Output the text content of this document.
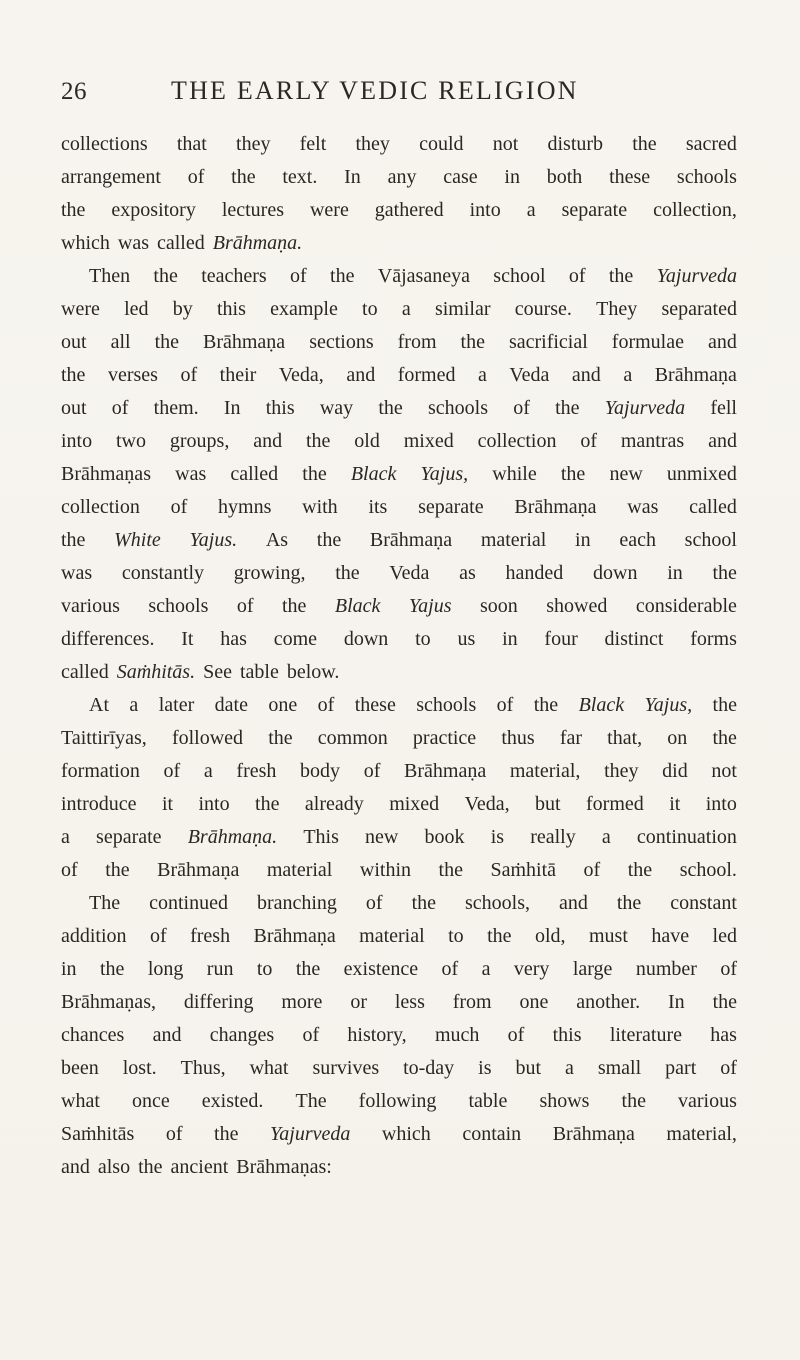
26	THE EARLY VEDIC RELIGION
collections that they felt they could not disturb the sacred
arrangement of the text. In any case in both these schools
the expository lectures were gathered into a separate collection,
which was called Brāhmaṇa.
Then the teachers of the Vājasaneya school of the Yajurveda
were led by this example to a similar course. They separated
out all the Brāhmaṇa sections from the sacrificial formulae and
the verses of their Veda, and formed a Veda and a Brāhmaṇa
out of them. In this way the schools of the Yajurveda fell
into two groups, and the old mixed collection of mantras and
Brāhmaṇas was called the Black Yajus, while the new unmixed
collection of hymns with its separate Brāhmaṇa was called
the White Yajus. As the Brāhmaṇa material in each school
was constantly growing, the Veda as handed down in the
various schools of the Black Yajus soon showed considerable
differences. It has come down to us in four distinct forms
called Saṁhitās. See table below.
At a later date one of these schools of the Black Yajus, the
Taittirīyas, followed the common practice thus far that, on the
formation of a fresh body of Brāhmaṇa material, they did not
introduce it into the already mixed Veda, but formed it into
a separate Brāhmaṇa. This new book is really a continuation
of the Brāhmaṇa material within the Saṁhitā of the school.
The continued branching of the schools, and the constant
addition of fresh Brāhmaṇa material to the old, must have led
in the long run to the existence of a very large number of
Brāhmaṇas, differing more or less from one another. In the
chances and changes of history, much of this literature has
been lost. Thus, what survives to-day is but a small part of
what once existed. The following table shows the various
Saṁhitās of the Yajurveda which contain Brāhmaṇa material,
and also the ancient Brāhmaṇas:
